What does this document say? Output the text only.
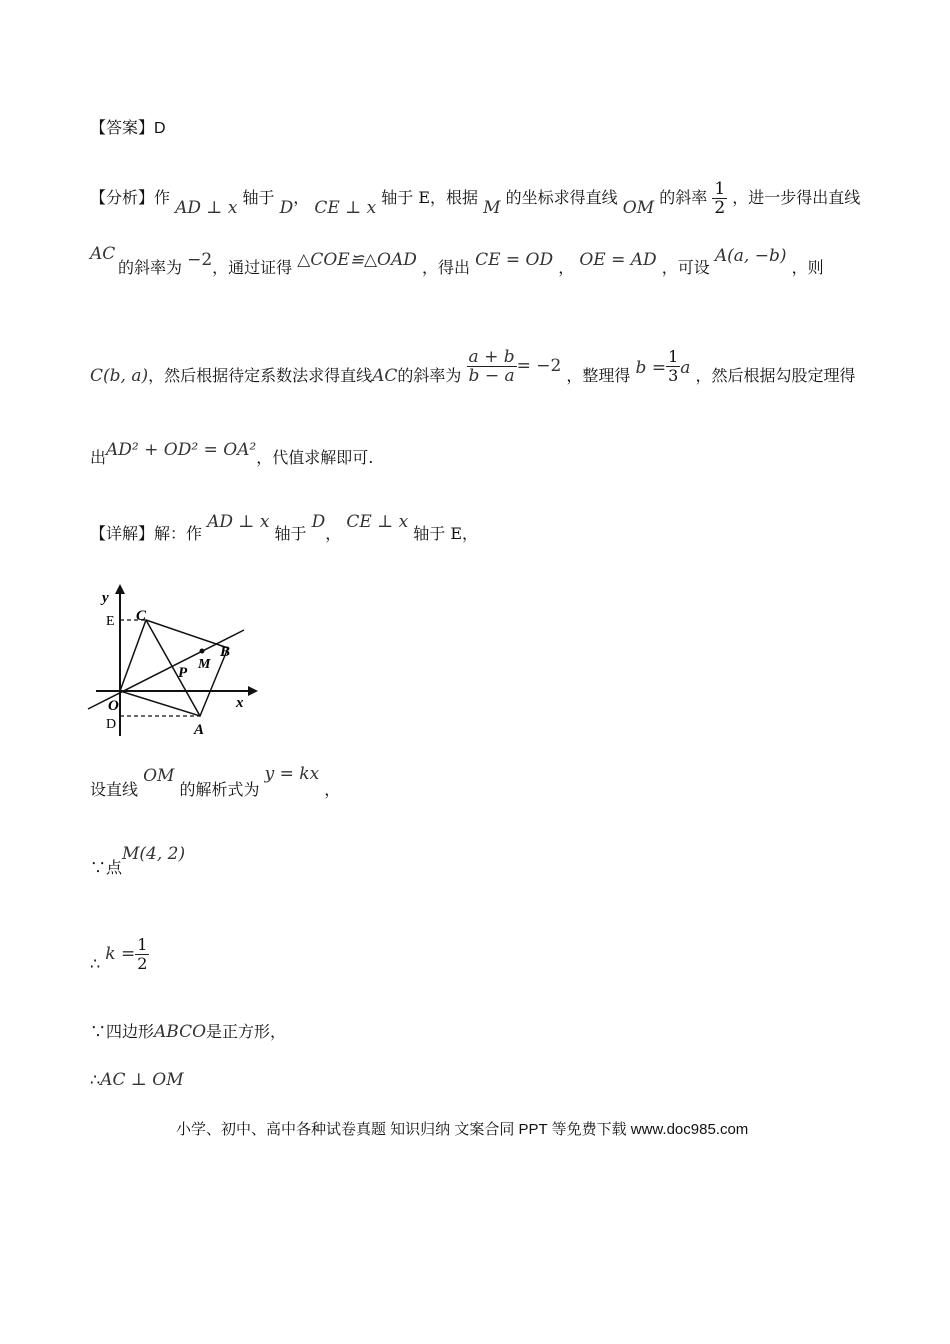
【答案】D
【分析】作 AD ⊥ x 轴于 D， CE ⊥ x 轴于 E，根据 M 的坐标求得直线 OM 的斜率 $\frac{1}{2}$ ，进一步得出直线
AC
的斜率为 −2，通过证得 △COE≌△OAD ，得出 CE = OD ， OE = AD ，可设 A(a, −b) ，则
C(b, a)，然后根据待定系数法求得直线AC的斜率为 $\frac{a + b}{b - a} = -2$ ，整理得 $b = \frac{1}{3}$ a ，然后根据勾股定理得
出AD² + OD² = OA²，代值求解即可.
【详解】解：作 AD ⊥ x 轴于 D， CE ⊥ x 轴于 E，
y
x
E C
M
B
P
O
D	A
设直线 OM 的解析式为 y = kx ，
∵点M(4, 2)
∴ $k = \frac{1}{2}$
∵四边形ABCO是正方形，
∴AC ⊥ OM
小学、初中、高中各种试卷真题 知识归纳 文案合同 PPT 等免费下载 www.doc985.com
